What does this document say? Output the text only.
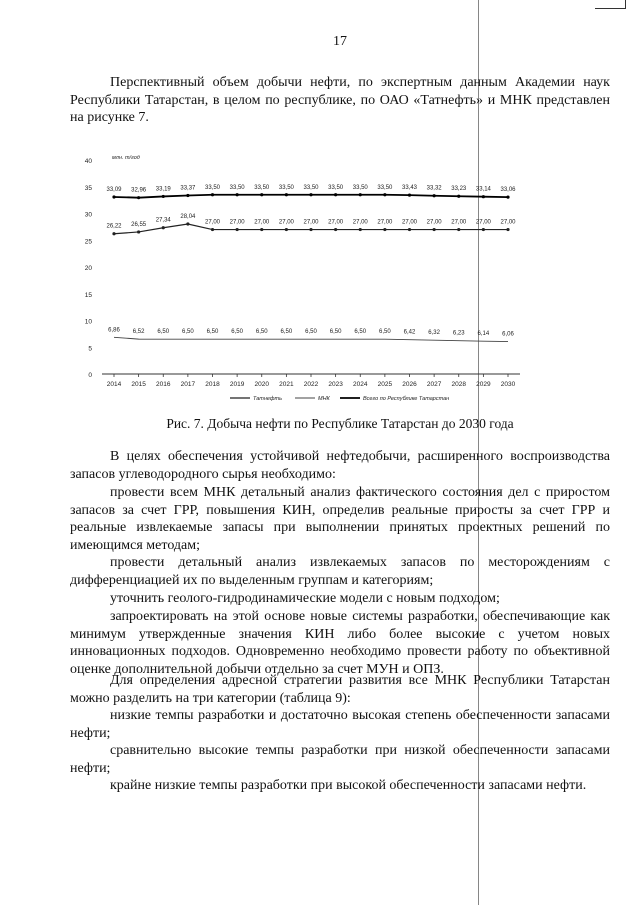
17

Перспективный объем добычи нефти, по экспертным данным Академии наук Республики Татарстан, в целом по республике, по ОАО «Татнефть» и МНК представлен на рисунке 7.

0
5
10
15
20
25
30
35
40	млн. т/год
2014 2015 2016 2017 2018 2019 2020 2021 2022 2023 2024 2025 2026 2027 2028 2029 2030
26,22 26,55
27,34
28,04
27,00 27,00 27,00 27,00 27,00 27,00 27,00 27,00 27,00 27,00 27,00 27,00 27,00
6,86 6,52 6,50 6,50 6,50 6,50 6,50 6,50 6,50 6,50 6,50 6,50 6,42 6,32 6,23 6,14 6,06
33,09 32,96 33,19 33,37 33,50 33,50 33,50 33,50 33,50 33,50 33,50 33,50 33,43 33,32 33,23 33,14 33,06
Татнефть	МНК	Всего по Республике Татарстан
Рис. 7. Добыча нефти по Республике Татарстан до 2030 года

В целях обеспечения устойчивой нефтедобычи, расширенного воспроизводства запасов углеводородного сырья необходимо:

провести всем МНК детальный анализ фактического состояния дел с приростом запасов за счет ГРР, повышения КИН, определив реальные приросты за счет ГРР и реальные извлекаемые запасы при выполнении принятых проектных решений по имеющимся методам;

провести детальный анализ извлекаемых запасов по месторождениям с дифференциацией их по выделенным группам и категориям;

уточнить геолого-гидродинамические модели с новым подходом;

запроектировать на этой основе новые системы разработки, обеспечивающие как минимум утвержденные значения КИН либо более высокие с учетом новых инновационных подходов. Одновременно необходимо провести работу по объективной оценке дополнительной добычи отдельно за счет МУН и ОПЗ.

Для определения адресной стратегии развития все МНК Республики Татарстан можно разделить на три категории (таблица 9):

низкие темпы разработки и достаточно высокая степень обеспеченности запасами нефти;

сравнительно высокие темпы разработки при низкой обеспеченности запасами нефти;

крайне низкие темпы разработки при высокой обеспеченности запасами нефти.
